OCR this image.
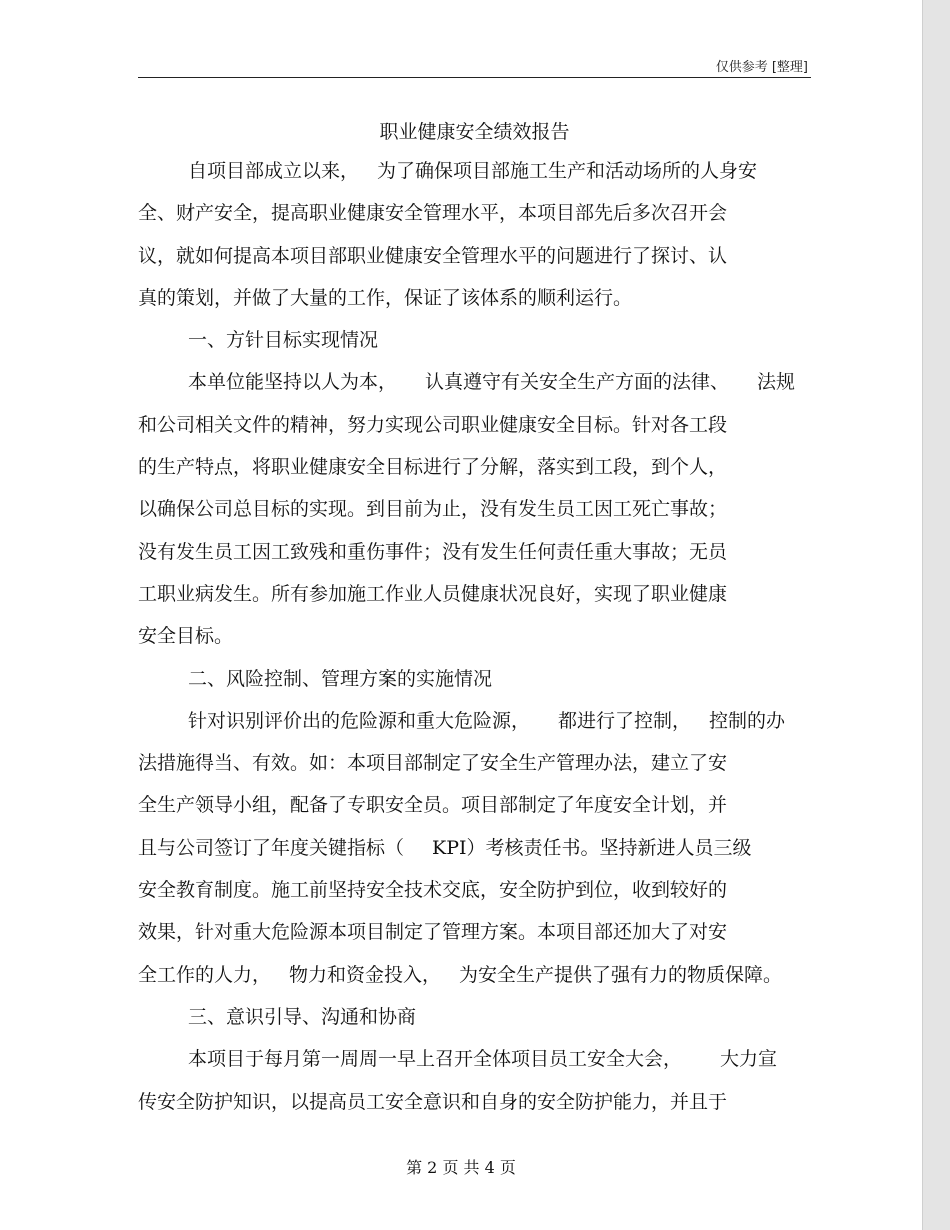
仅供参考 [整理]
职业健康安全绩效报告
自项目部成立以来， 为了确保项目部施工生产和活动场所的人身安
全、财产安全，提高职业健康安全管理水平，本项目部先后多次召开会
议，就如何提高本项目部职业健康安全管理水平的问题进行了探讨、认
真的策划，并做了大量的工作，保证了该体系的顺利运行。
一、方针目标实现情况
本单位能坚持以人为本， 认真遵守有关安全生产方面的法律、 法规
和公司相关文件的精神，努力实现公司职业健康安全目标。针对各工段
的生产特点，将职业健康安全目标进行了分解，落实到工段，到个人，
以确保公司总目标的实现。到目前为止，没有发生员工因工死亡事故；
没有发生员工因工致残和重伤事件；没有发生任何责任重大事故；无员
工职业病发生。所有参加施工作业人员健康状况良好，实现了职业健康
安全目标。
二、风险控制、管理方案的实施情况
针对识别评价出的危险源和重大危险源， 都进行了控制， 控制的办
法措施得当、有效。如：本项目部制定了安全生产管理办法，建立了安
全生产领导小组，配备了专职安全员。项目部制定了年度安全计划，并
且与公司签订了年度关键指标（ KPI）考核责任书。坚持新进人员三级
安全教育制度。施工前坚持安全技术交底，安全防护到位，收到较好的
效果，针对重大危险源本项目制定了管理方案。本项目部还加大了对安
全工作的人力， 物力和资金投入， 为安全生产提供了强有力的物质保障。
三、意识引导、沟通和协商
本项目于每月第一周周一早上召开全体项目员工安全大会， 大力宣
传安全防护知识，以提高员工安全意识和自身的安全防护能力，并且于
第 2 页 共 4 页
